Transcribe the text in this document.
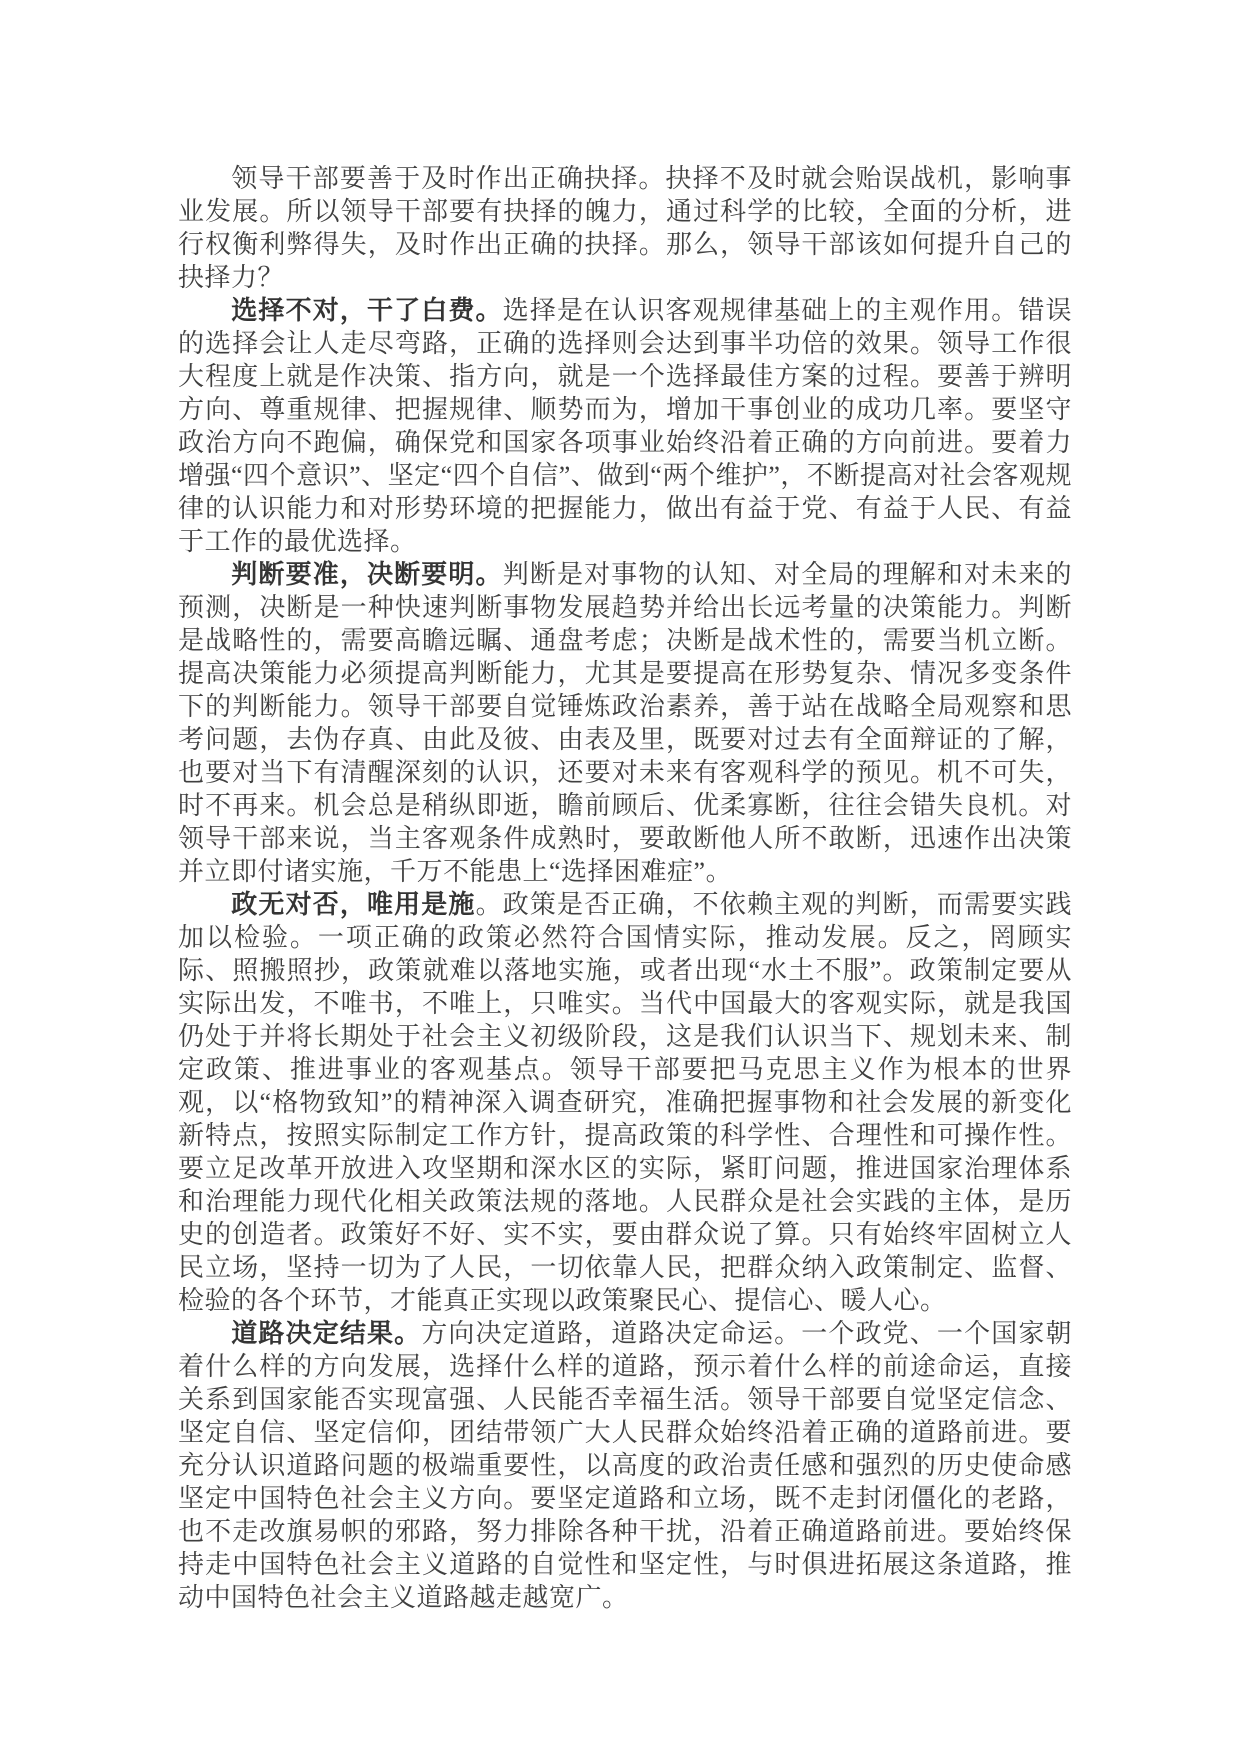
领导干部要善于及时作出正确抉择。抉择不及时就会贻误战机，影响事业发展。所以领导干部要有抉择的魄力，通过科学的比较，全面的分析，进行权衡利弊得失，及时作出正确的抉择。那么，领导干部该如何提升自己的抉择力？

选择不对，干了白费。选择是在认识客观规律基础上的主观作用。错误的选择会让人走尽弯路，正确的选择则会达到事半功倍的效果。领导工作很大程度上就是作决策、指方向，就是一个选择最佳方案的过程。要善于辨明方向、尊重规律、把握规律、顺势而为，增加干事创业的成功几率。要坚守政治方向不跑偏，确保党和国家各项事业始终沿着正确的方向前进。要着力增强“四个意识”、坚定“四个自信”、做到“两个维护”，不断提高对社会客观规律的认识能力和对形势环境的把握能力，做出有益于党、有益于人民、有益于工作的最优选择。

判断要准，决断要明。判断是对事物的认知、对全局的理解和对未来的预测，决断是一种快速判断事物发展趋势并给出长远考量的决策能力。判断是战略性的，需要高瞻远瞩、通盘考虑；决断是战术性的，需要当机立断。提高决策能力必须提高判断能力，尤其是要提高在形势复杂、情况多变条件下的判断能力。领导干部要自觉锤炼政治素养，善于站在战略全局观察和思考问题，去伪存真、由此及彼、由表及里，既要对过去有全面辩证的了解，也要对当下有清醒深刻的认识，还要对未来有客观科学的预见。机不可失，时不再来。机会总是稍纵即逝，瞻前顾后、优柔寡断，往往会错失良机。对领导干部来说，当主客观条件成熟时，要敢断他人所不敢断，迅速作出决策并立即付诸实施，千万不能患上“选择困难症”。

政无对否，唯用是施。政策是否正确，不依赖主观的判断，而需要实践加以检验。一项正确的政策必然符合国情实际，推动发展。反之，罔顾实际、照搬照抄，政策就难以落地实施，或者出现“水土不服”。政策制定要从实际出发，不唯书，不唯上，只唯实。当代中国最大的客观实际，就是我国仍处于并将长期处于社会主义初级阶段，这是我们认识当下、规划未来、制定政策、推进事业的客观基点。领导干部要把马克思主义作为根本的世界观，以“格物致知”的精神深入调查研究，准确把握事物和社会发展的新变化新特点，按照实际制定工作方针，提高政策的科学性、合理性和可操作性。要立足改革开放进入攻坚期和深水区的实际，紧盯问题，推进国家治理体系和治理能力现代化相关政策法规的落地。人民群众是社会实践的主体，是历史的创造者。政策好不好、实不实，要由群众说了算。只有始终牢固树立人民立场，坚持一切为了人民，一切依靠人民，把群众纳入政策制定、监督、检验的各个环节，才能真正实现以政策聚民心、提信心、暖人心。

道路决定结果。方向决定道路，道路决定命运。一个政党、一个国家朝着什么样的方向发展，选择什么样的道路，预示着什么样的前途命运，直接关系到国家能否实现富强、人民能否幸福生活。领导干部要自觉坚定信念、坚定自信、坚定信仰，团结带领广大人民群众始终沿着正确的道路前进。要充分认识道路问题的极端重要性，以高度的政治责任感和强烈的历史使命感坚定中国特色社会主义方向。要坚定道路和立场，既不走封闭僵化的老路，也不走改旗易帜的邪路，努力排除各种干扰，沿着正确道路前进。要始终保持走中国特色社会主义道路的自觉性和坚定性，与时俱进拓展这条道路，推动中国特色社会主义道路越走越宽广。
